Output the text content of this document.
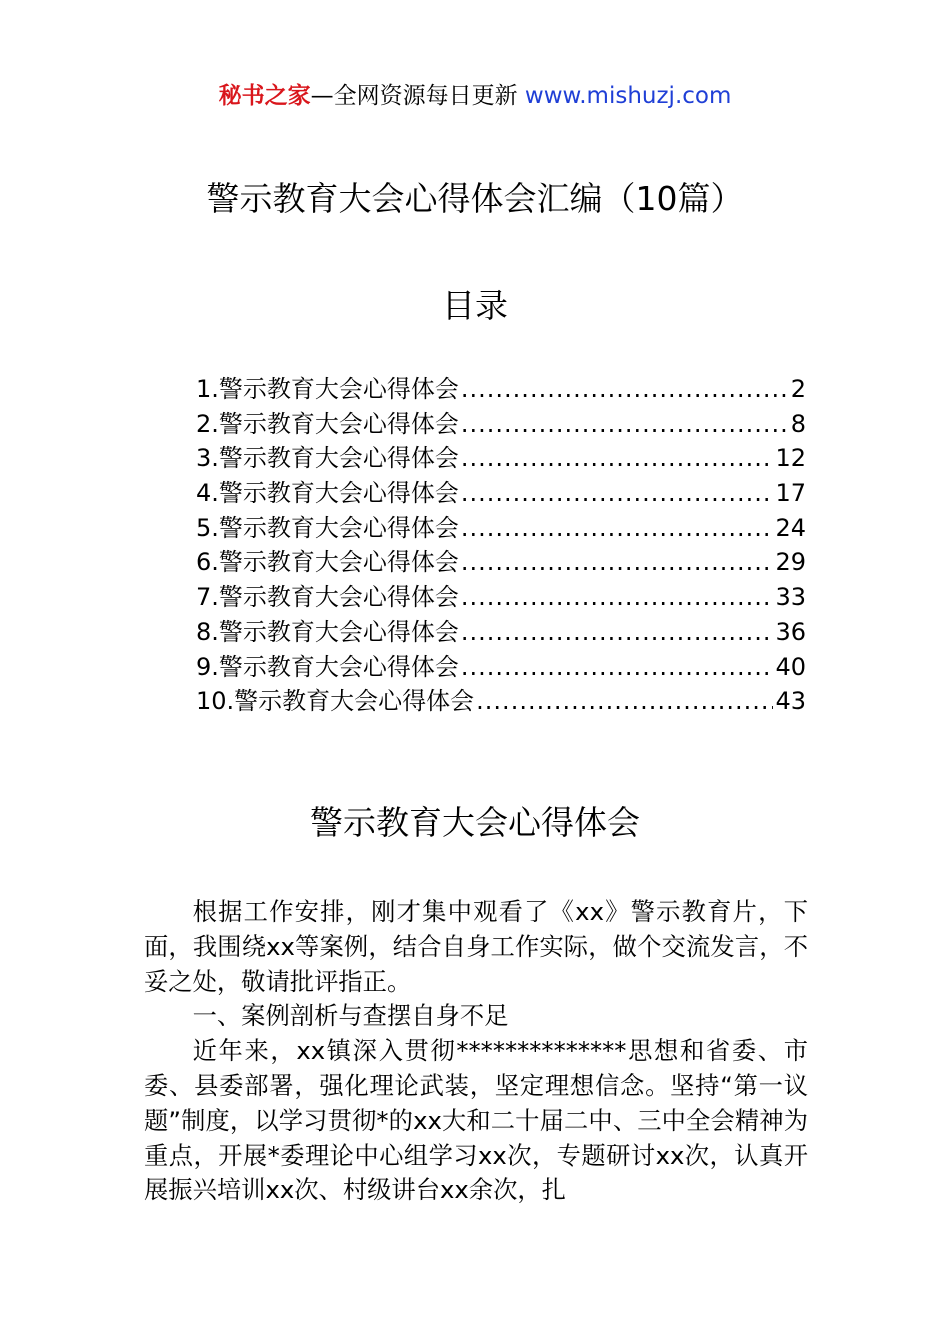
秘书之家—全网资源每日更新 www.mishuzj.com
警示教育大会心得体会汇编（10篇）
目录
1.警示教育大会心得体会 .....	2
2.警示教育大会心得体会 .....	8
3.警示教育大会心得体会 .....	12
4.警示教育大会心得体会 .....	17
5.警示教育大会心得体会 .....	24
6.警示教育大会心得体会 .....	29
7.警示教育大会心得体会 .....	33
8.警示教育大会心得体会 .....	36
9.警示教育大会心得体会 .....	40
10.警示教育大会心得体会 .....	43
警示教育大会心得体会

根据工作安排，刚才集中观看了《xx》警示教育片，下面，我围绕xx等案例，结合自身工作实际，做个交流发言，不妥之处，敬请批评指正。

一、案例剖析与查摆自身不足

近年来，xx镇深入贯彻**************思想和省委、市委、县委部署，强化理论武装，坚定理想信念。坚持“第一议题”制度，以学习贯彻*的xx大和二十届二中、三中全会精神为重点，开展*委理论中心组学习xx次，专题研讨xx次，认真开展振兴培训xx次、村级讲台xx余次，扎
